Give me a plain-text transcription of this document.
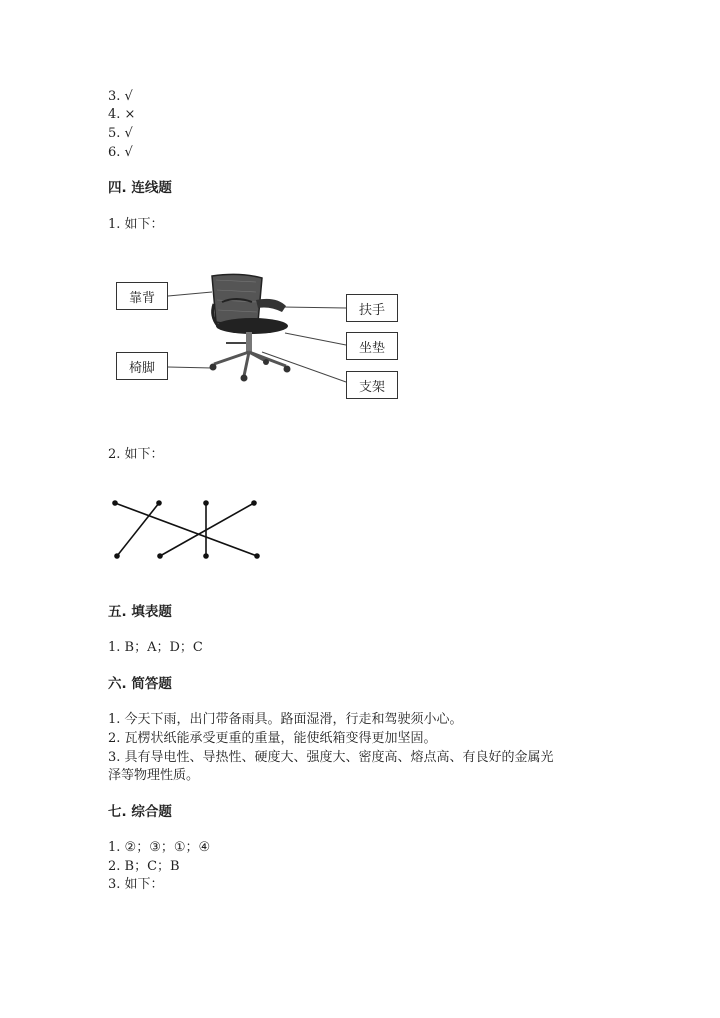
3. √
4. ×
5. √
6. √
四. 连线题
1. 如下：
靠背
椅脚
扶手
坐垫
支架
2. 如下：
五. 填表题
1. B；A；D；C
六. 简答题
1. 今天下雨，出门带备雨具。路面湿滑，行走和驾驶须小心。
2. 瓦楞状纸能承受更重的重量，能使纸箱变得更加坚固。
3. 具有导电性、导热性、硬度大、强度大、密度高、熔点高、有良好的金属光
泽等物理性质。
七. 综合题
1. ②；③；①；④
2. B；C；B
3. 如下：
